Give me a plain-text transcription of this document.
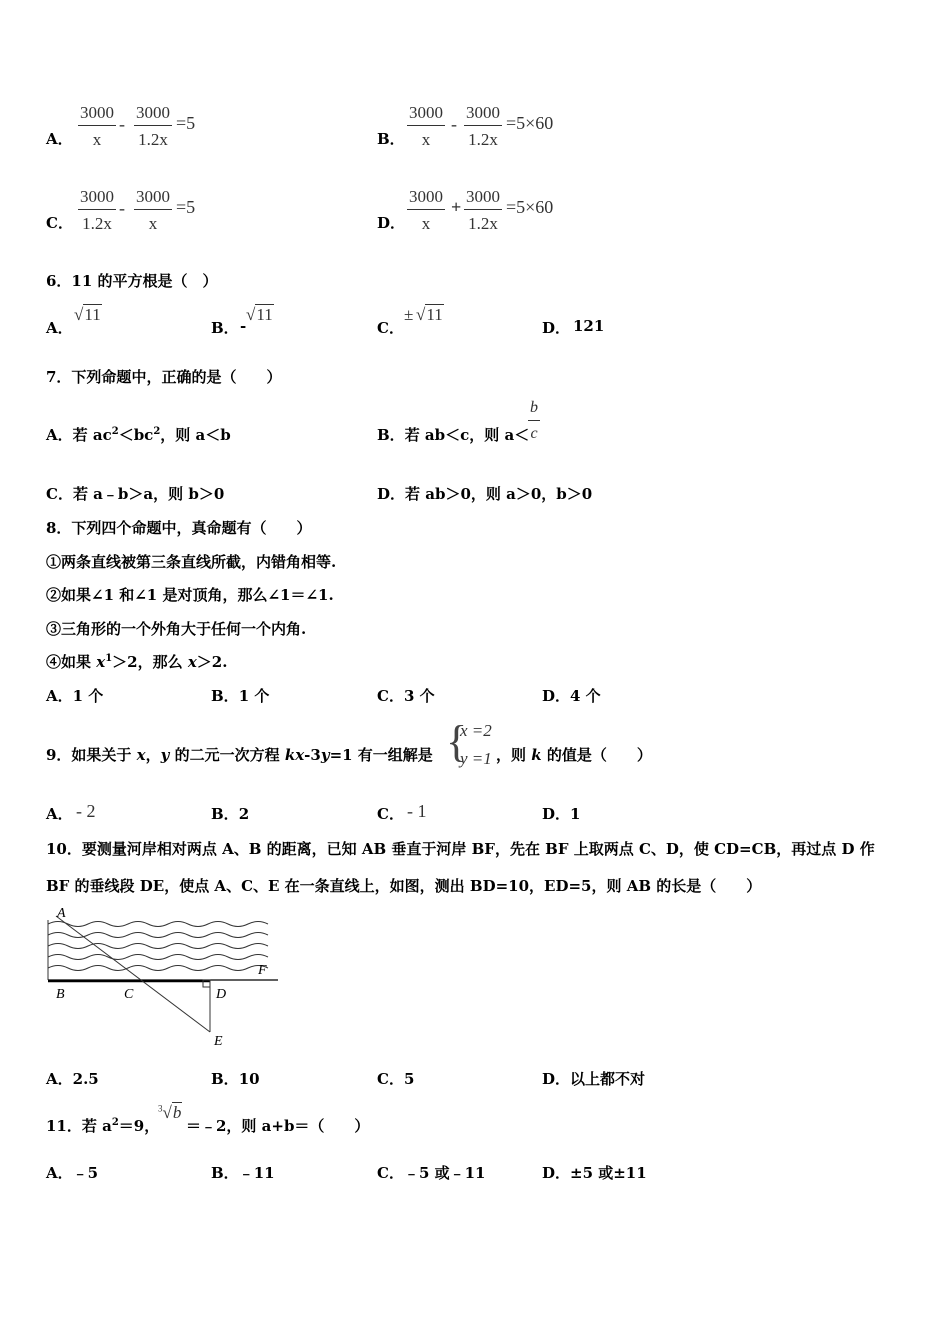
A． $\frac{3000}{x} - \frac{3000}{1.2x} =5$
B． $\frac{3000}{x} - \frac{3000}{1.2x} =5\times 60$
C． $\frac{3000}{1.2x} - \frac{3000}{x} =5$
D． $\frac{3000}{x} + \frac{3000}{1.2x} =5\times 60$
6．11 的平方根是（　）
A．
√11
B． -
√11
C．
± √11
D． 121
7．下列命题中，正确的是（　　）
A．若 $ac^2<bc^2$，则 a＜b	B．若 ab＜c，则 a＜
$\frac{b}{c}$
C．若 a﹣b＞a，则 b＞0	D．若 ab＞0，则 a＞0，b＞0
8．下列四个命题中，真命题有（　　）
①两条直线被第三条直线所截，内错角相等.
②如果∠1 和∠1 是对顶角，那么∠1＝∠1.
③三角形的一个外角大于任何一个内角.
④如果 $x^1>2$，那么 x＞2.
A．1 个	B．1 个	C．3 个	D．4 个
9．如果关于 x，y 的二元一次方程 kx-3y=1 有一组解是 {
x =2
y =1 ，则 k 的值是（　　）
A． - 2	B．2	C． - 1	D．1
10．要测量河岸相对两点 A、B 的距离，已知 AB 垂直于河岸 BF，先在 BF 上取两点 C、D，使 CD=CB，再过点 D 作
BF 的垂线段 DE，使点 A、C、E 在一条直线上，如图，测出 BD=10，ED=5，则 AB 的长是（　　）
A
B	C	D
E
F
A．2.5	B．10	C．5	D．以上都不对
11．若 $a^2=9$，
$^3$√b
＝﹣2，则 a+b＝（　　）
A．﹣5	B．﹣11	C．﹣5 或﹣11	D．±5 或±11
